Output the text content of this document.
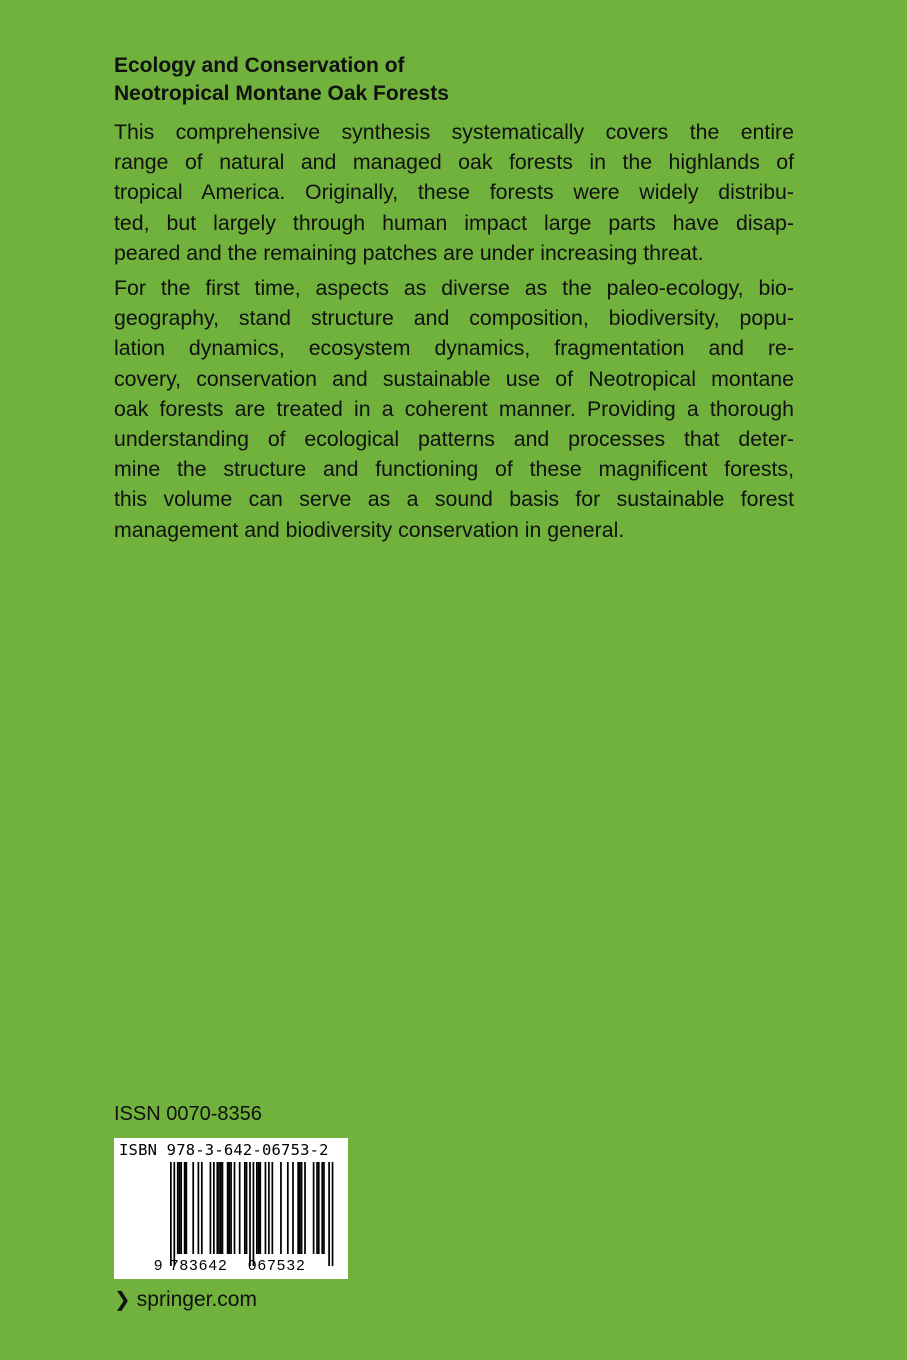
Ecology and Conservation of
Neotropical Montane Oak Forests
This comprehensive synthesis systematically covers the entire
range of natural and managed oak forests in the highlands of
tropical America. Originally, these forests were widely distribu-
ted, but largely through human impact large parts have disap-
peared and the remaining patches are under increasing threat.
For the first time, aspects as diverse as the paleo-ecology, bio-
geography, stand structure and composition, biodiversity, popu-
lation dynamics, ecosystem dynamics, fragmentation and re-
covery, conservation and sustainable use of Neotropical montane
oak forests are treated in a coherent manner. Providing a thorough
understanding of ecological patterns and processes that deter-
mine the structure and functioning of these magnificent forests,
this volume can serve as a sound basis for sustainable forest
management and biodiversity conservation in general.
ISSN 0070-8356
ISBN 978-3-642-06753-2
9 783642 067532
❯ springer.com
